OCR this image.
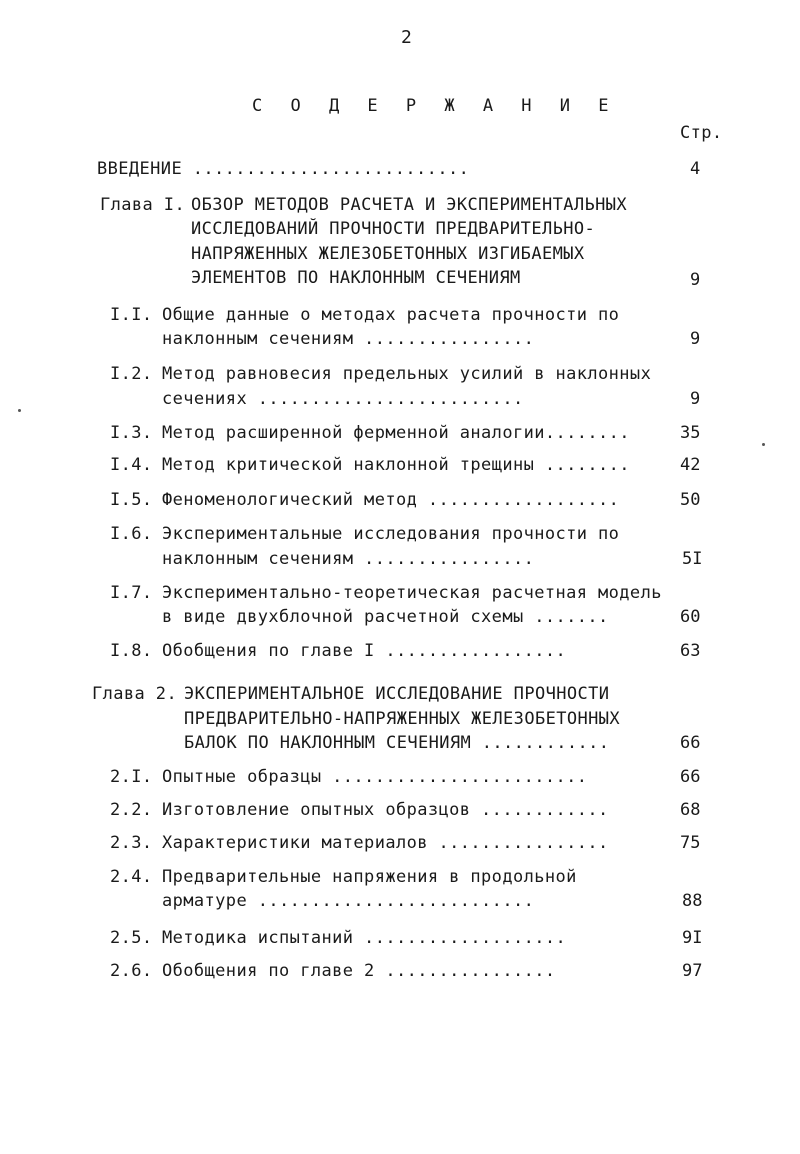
2
С О Д Е Р Ж А Н И Е
Стр.
ВВЕДЕНИЕ ..........................	4
Глава I. ОБЗОР МЕТОДОВ РАСЧЕТА И ЭКСПЕРИМЕНТАЛЬНЫХ
ИССЛЕДОВАНИЙ ПРОЧНОСТИ ПРЕДВАРИТЕЛЬНО-
НАПРЯЖЕННЫХ ЖЕЛЕЗОБЕТОННЫХ ИЗГИБАЕМЫХ
ЭЛЕМЕНТОВ ПО НАКЛОННЫМ СЕЧЕНИЯМ	9
I.I. Общие данные о методах расчета прочности по
наклонным сечениям ................	9
I.2. Метод равновесия предельных усилий в наклонных
сечениях .........................	9
I.3. Метод расширенной ферменной аналогии........	35
I.4. Метод критической наклонной трещины ........	42
I.5. Феноменологический метод ..................	50
I.6. Экспериментальные исследования прочности по
наклонным сечениям ................	5I
I.7. Экспериментально-теоретическая расчетная модель
в виде двухблочной расчетной схемы .......	60
I.8. Обобщения по главе I .................	63
Глава 2. ЭКСПЕРИМЕНТАЛЬНОЕ ИССЛЕДОВАНИЕ ПРОЧНОСТИ
ПРЕДВАРИТЕЛЬНО-НАПРЯЖЕННЫХ ЖЕЛЕЗОБЕТОННЫХ
БАЛОК ПО НАКЛОННЫМ СЕЧЕНИЯМ ............	66
2.I. Опытные образцы ........................	66
2.2. Изготовление опытных образцов ............	68
2.3. Характеристики материалов ................	75
2.4. Предварительные напряжения в продольной
арматуре ..........................	88
2.5. Методика испытаний ...................	9I
2.6. Обобщения по главе 2 ................	97
